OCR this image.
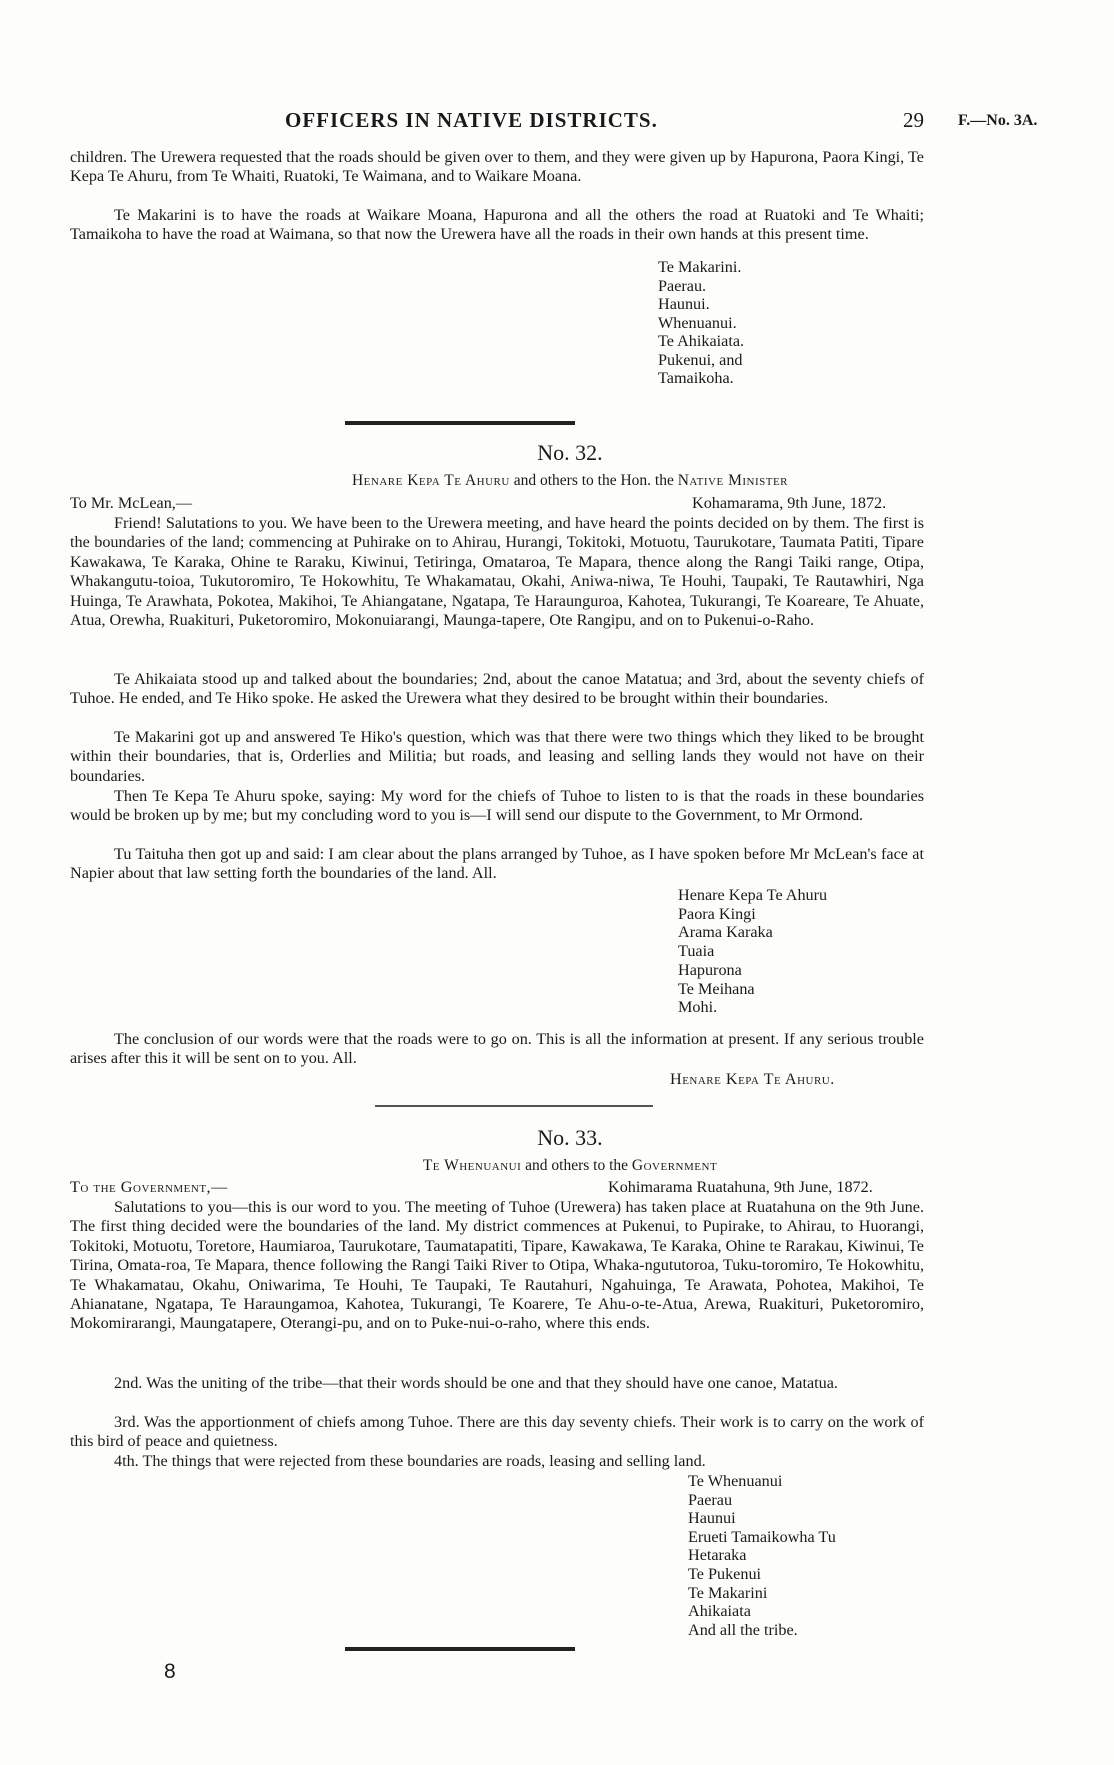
OFFICERS IN NATIVE DISTRICTS.	29 F.—No. 3A.
children. The Urewera requested that the roads should be given over to them, and they were given up by Hapurona, Paora Kingi, Te Kepa Te Ahuru, from Te Whaiti, Ruatoki, Te Waimana, and to Waikare Moana.
Te Makarini is to have the roads at Waikare Moana, Hapurona and all the others the road at Ruatoki and Te Whaiti; Tamaikoha to have the road at Waimana, so that now the Urewera have all the roads in their own hands at this present time.
Te Makarini.
Paerau.
Haunui.
Whenuanui.
Te Ahikaiata.
Pukenui, and
Tamaikoha.
No. 32.
Henare Kepa Te Ahuru and others to the Hon. the Native Minister
To Mr. McLean,—	Kohamarama, 9th June, 1872.
Friend! Salutations to you. We have been to the Urewera meeting, and have heard the points decided on by them. The first is the boundaries of the land; commencing at Puhirake on to Ahirau, Hurangi, Tokitoki, Motuotu, Taurukotare, Taumata Patiti, Tipare Kawakawa, Te Karaka, Ohine te Raraku, Kiwinui, Tetiringa, Omataroa, Te Mapara, thence along the Rangi Taiki range, Otipa, Whakangutu-toioa, Tukutoromiro, Te Hokowhitu, Te Whakamatau, Okahi, Aniwa-niwa, Te Houhi, Taupaki, Te Rautawhiri, Nga Huinga, Te Arawhata, Pokotea, Makihoi, Te Ahiangatane, Ngatapa, Te Haraunguroa, Kahotea, Tukurangi, Te Koareare, Te Ahuate, Atua, Orewha, Ruakituri, Puketoromiro, Mokonuiarangi, Maunga-tapere, Ote Rangipu, and on to Pukenui-o-Raho.
Te Ahikaiata stood up and talked about the boundaries; 2nd, about the canoe Matatua; and 3rd, about the seventy chiefs of Tuhoe. He ended, and Te Hiko spoke. He asked the Urewera what they desired to be brought within their boundaries.
Te Makarini got up and answered Te Hiko's question, which was that there were two things which they liked to be brought within their boundaries, that is, Orderlies and Militia; but roads, and leasing and selling lands they would not have on their boundaries.
Then Te Kepa Te Ahuru spoke, saying: My word for the chiefs of Tuhoe to listen to is that the roads in these boundaries would be broken up by me; but my concluding word to you is—I will send our dispute to the Government, to Mr Ormond.
Tu Taituha then got up and said: I am clear about the plans arranged by Tuhoe, as I have spoken before Mr McLean's face at Napier about that law setting forth the boundaries of the land. All.
Henare Kepa Te Ahuru
Paora Kingi
Arama Karaka
Tuaia
Hapurona
Te Meihana
Mohi.
The conclusion of our words were that the roads were to go on. This is all the information at present. If any serious trouble arises after this it will be sent on to you. All.
Henare Kepa Te Ahuru.
No. 33.
Te Whenuanui and others to the Government
To the Government,—	Kohimarama Ruatahuna, 9th June, 1872.
Salutations to you—this is our word to you. The meeting of Tuhoe (Urewera) has taken place at Ruatahuna on the 9th June. The first thing decided were the boundaries of the land. My district commences at Pukenui, to Pupirake, to Ahirau, to Huorangi, Tokitoki, Motuotu, Toretore, Haumiaroa, Taurukotare, Taumatapatiti, Tipare, Kawakawa, Te Karaka, Ohine te Rarakau, Kiwinui, Te Tirina, Omata-roa, Te Mapara, thence following the Rangi Taiki River to Otipa, Whaka-ngututoroa, Tuku-toromiro, Te Hokowhitu, Te Whakamatau, Okahu, Oniwarima, Te Houhi, Te Taupaki, Te Rautahuri, Ngahuinga, Te Arawata, Pohotea, Makihoi, Te Ahianatane, Ngatapa, Te Haraungamoa, Kahotea, Tukurangi, Te Koarere, Te Ahu-o-te-Atua, Arewa, Ruakituri, Puketoromiro, Mokomirarangi, Maungatapere, Oterangi-pu, and on to Puke-nui-o-raho, where this ends.
2nd. Was the uniting of the tribe—that their words should be one and that they should have one canoe, Matatua.
3rd. Was the apportionment of chiefs among Tuhoe. There are this day seventy chiefs. Their work is to carry on the work of this bird of peace and quietness.
4th. The things that were rejected from these boundaries are roads, leasing and selling land.
Te Whenuanui
Paerau
Haunui
Erueti Tamaikowha Tu
Hetaraka
Te Pukenui
Te Makarini
Ahikaiata
And all the tribe.
8
